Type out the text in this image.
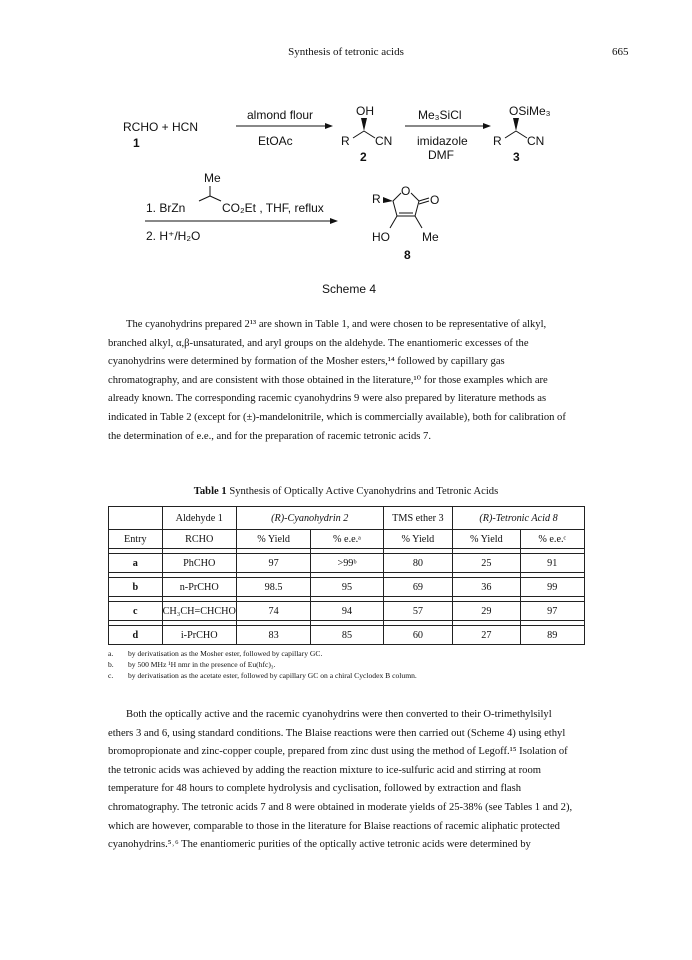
Synthesis of tetronic acids	665
RCHO + HCN
1
almond flour
EtOAc
OH
R CN
2
Me₃SiCl
imidazole
DMF
OSiMe₃
R CN
3
Me
1. BrZn	CO₂Et , THF, reflux
2. H⁺/H₂O
R
O
O
HO	Me
8
Scheme 4
The cyanohydrins prepared 2¹³ are shown in Table 1, and were chosen to be representative of alkyl,
branched alkyl, α,β-unsaturated, and aryl groups on the aldehyde. The enantiomeric excesses of the
cyanohydrins were determined by formation of the Mosher esters,¹⁴ followed by capillary gas
chromatography, and are consistent with those obtained in the literature,¹⁰ for those examples which are
already known. The corresponding racemic cyanohydrins 9 were also prepared by literature methods as
indicated in Table 2 (except for (±)-mandelonitrile, which is commercially available), both for calibration of
the determination of e.e., and for the preparation of racemic tetronic acids 7.
Table 1 Synthesis of Optically Active Cyanohydrins and Tetronic Acids
	Aldehyde 1	(R)-Cyanohydrin 2		TMS ether 3	(R)-Tetronic Acid 8	
Entry	RCHO	% Yield	% e.e.ᵃ	% Yield	% Yield	% e.e.ᶜ

a	PhCHO	97	>99ᵇ	80	25	91

b	n-PrCHO	98.5	95	69	36	99

c	CH₃CH=CHCHO	74	94	57	29	97

d	i-PrCHO	83	85	60	27	89
a. by derivatisation as the Mosher ester, followed by capillary GC.
b. by 500 MHz ¹H nmr in the presence of Eu(hfc)₃.
c. by derivatisation as the acetate ester, followed by capillary GC on a chiral Cyclodex B column.
Both the optically active and the racemic cyanohydrins were then converted to their O-trimethylsilyl
ethers 3 and 6, using standard conditions. The Blaise reactions were then carried out (Scheme 4) using ethyl
bromopropionate and zinc-copper couple, prepared from zinc dust using the method of Legoff.¹⁵ Isolation of
the tetronic acids was achieved by adding the reaction mixture to ice-sulfuric acid and stirring at room
temperature for 48 hours to complete hydrolysis and cyclisation, followed by extraction and flash
chromatography. The tetronic acids 7 and 8 were obtained in moderate yields of 25-38% (see Tables 1 and 2),
which are however, comparable to those in the literature for Blaise reactions of racemic aliphatic protected
cyanohydrins.⁵˒⁶ The enantiomeric purities of the optically active tetronic acids were determined by
